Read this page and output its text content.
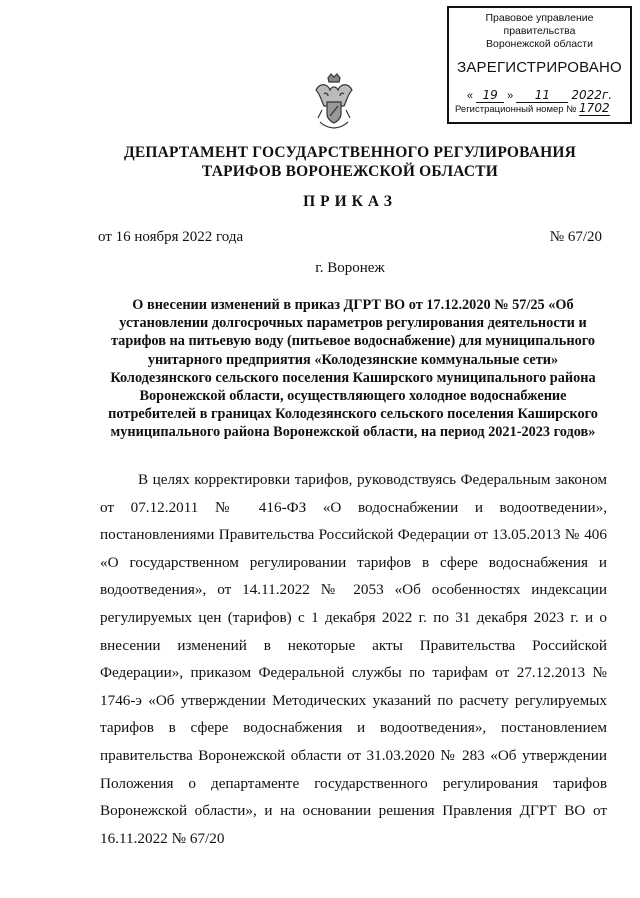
Правовое управление правительства
Воронежской области
ЗАРЕГИСТРИРОВАНО
« 19 » 11 2022г.
Регистрационный номер № 1702
ДЕПАРТАМЕНТ ГОСУДАРСТВЕННОГО РЕГУЛИРОВАНИЯ
ТАРИФОВ ВОРОНЕЖСКОЙ ОБЛАСТИ
ПРИКАЗ
от 16 ноября 2022 года	№ 67/20
г. Воронеж
О внесении изменений в приказ ДГРТ ВО от 17.12.2020 № 57/25 «Об установлении долгосрочных параметров регулирования деятельности и тарифов на питьевую воду (питьевое водоснабжение) для муниципального унитарного предприятия «Колодезянские коммунальные сети» Колодезянского сельского поселения Каширского муниципального района Воронежской области, осуществляющего холодное водоснабжение потребителей в границах Колодезянского сельского поселения Каширского муниципального района Воронежской области, на период 2021-2023 годов»
В целях корректировки тарифов, руководствуясь Федеральным законом от 07.12.2011 № 416-ФЗ «О водоснабжении и водоотведении», постановлениями Правительства Российской Федерации от 13.05.2013 № 406 «О государственном регулировании тарифов в сфере водоснабжения и водоотведения», от 14.11.2022 № 2053 «Об особенностях индексации регулируемых цен (тарифов) с 1 декабря 2022 г. по 31 декабря 2023 г. и о внесении изменений в некоторые акты Правительства Российской Федерации», приказом Федеральной службы по тарифам от 27.12.2013 № 1746-э «Об утверждении Методических указаний по расчету регулируемых тарифов в сфере водоснабжения и водоотведения», постановлением правительства Воронежской области от 31.03.2020 № 283 «Об утверждении Положения о департаменте государственного регулирования тарифов Воронежской области», и на основании решения Правления ДГРТ ВО от 16.11.2022 № 67/20
